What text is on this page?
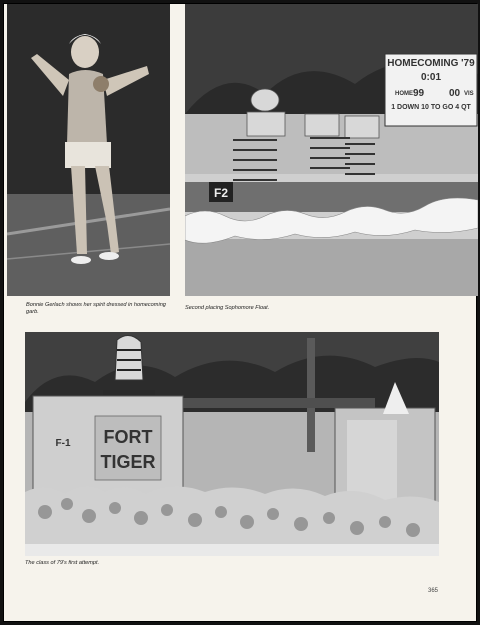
Bonnie Gerlach shows her spirit dressed in homecoming garb.
HOMECOMING '79
0:01
HOME 99 00 VIS
1 DOWN 10 TO GO 4 QT
F2
Second placing Sophomore Float.
FORT
TIGER
F-1
The class of 79's first attempt.
365
